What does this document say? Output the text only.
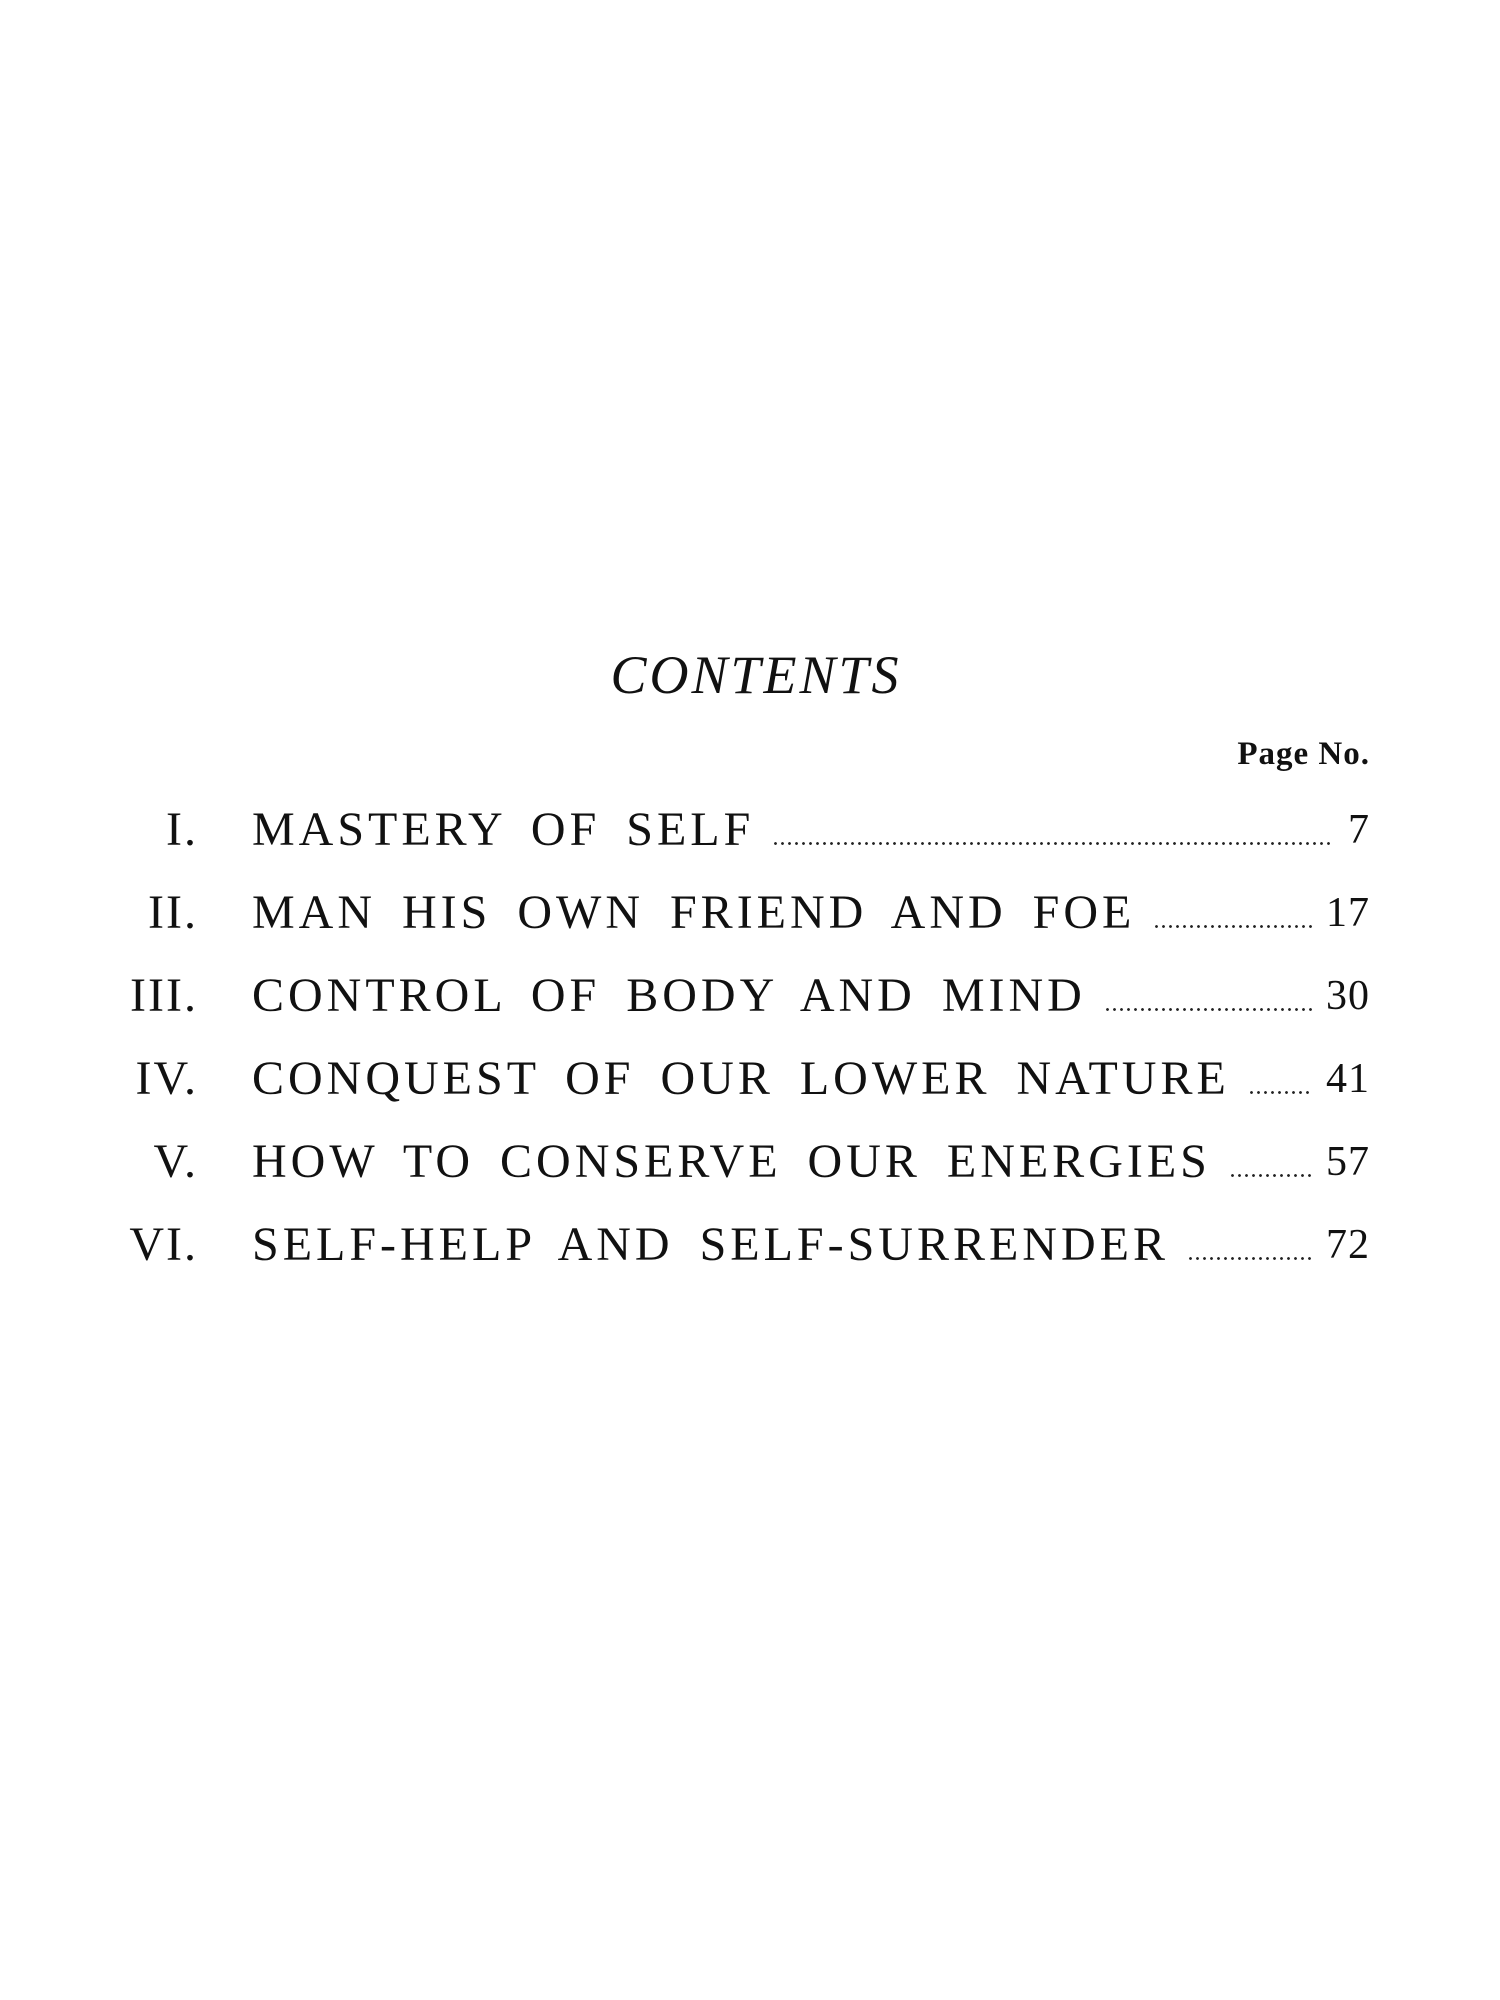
CONTENTS
Page No.
I. MASTERY OF SELF	7
II. MAN HIS OWN FRIEND AND FOE	17
III. CONTROL OF BODY AND MIND	30
IV. CONQUEST OF OUR LOWER NATURE 41
V. HOW TO CONSERVE OUR ENERGIES	57
VI. SELF-HELP AND SELF-SURRENDER	72
